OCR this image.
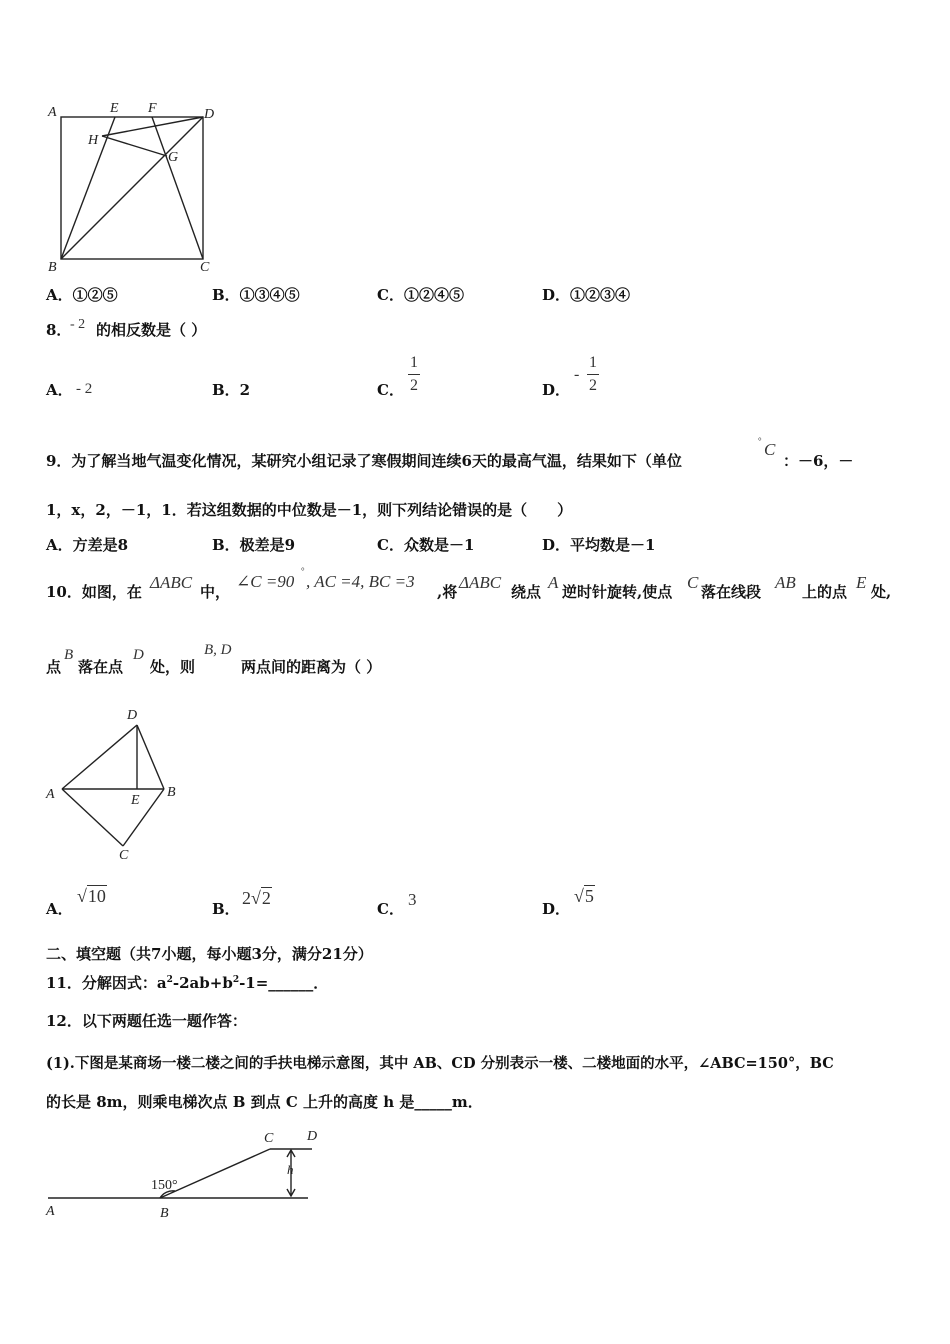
A	E F	D
H
G
B	C
A．①②⑤	B．①③④⑤	C．①②④⑤	D．①②③④
8．
- 2 的相反数是（ ）
A． - 2	B．2	C．
1
2	D．
-
1
2
9．为了解当地气温变化情况，某研究小组记录了寒假期间连续6天的最高气温，结果如下（单位
° C
：－6，－
1，x，2，－1，1．若这组数据的中位数是－1，则下列结论错误的是（　　）
A．方差是8	B．极差是9	C．众数是－1	D．平均数是－1
10．如图，在 ΔABC 中，
∠C =90
°
, AC =4, BC =3
,将 ΔABC 绕点 A 逆时针旋转,使点 C 落在线段 AB 上的点 E 处,
点
B
落在点
D
处，则
B, D
两点间的距离为（ ）
D
A	E
B
C
A．
√10
B．
2√2
C． 3	D．
√5
二、填空题（共7小题，每小题3分，满分21分）
11．分解因式：$a^2-2ab+b^2-1=\_\_\_\_\_\_$．
12．以下两题任选一题作答：
(1).下图是某商场一楼二楼之间的手扶电梯示意图，其中 AB、CD 分别表示一楼、二楼地面的水平，∠ABC=150°，BC
的长是 8m，则乘电梯次点 B 到点 C 上升的高度 h 是_____m．
C D
h
150°
A	B
